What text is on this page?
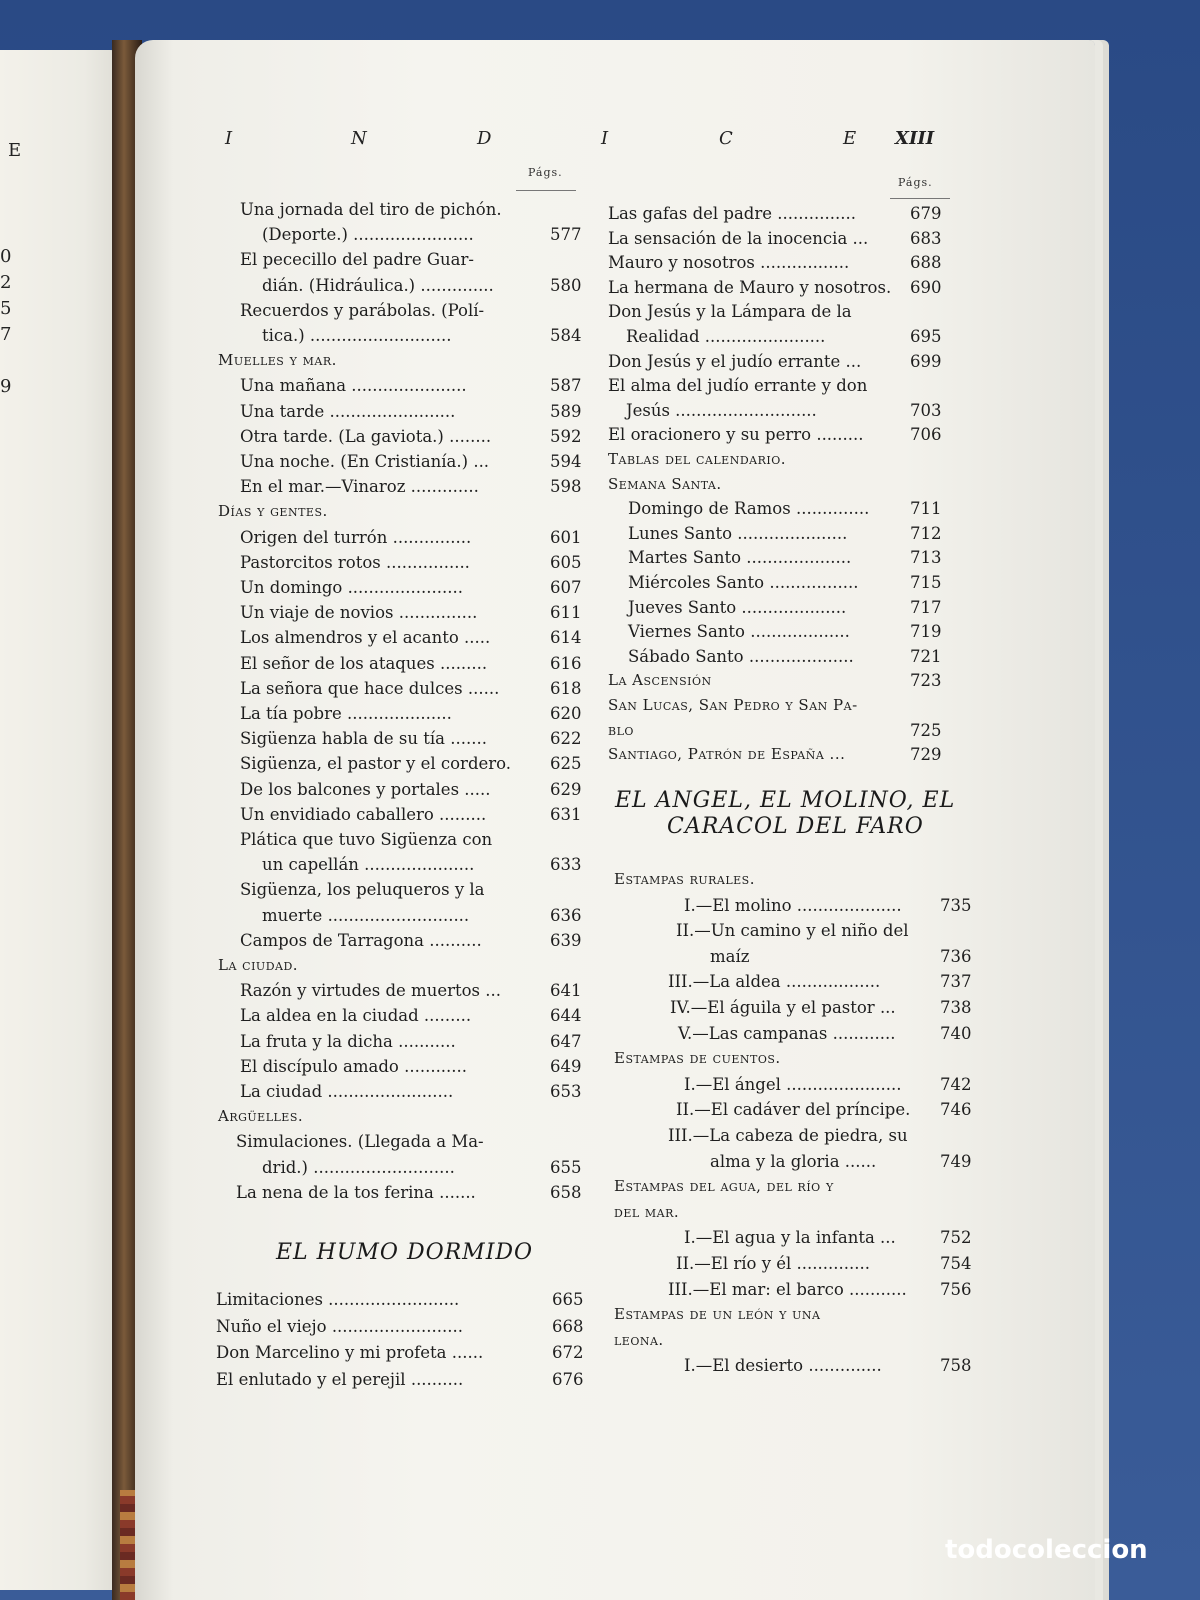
E
0
2
5
7
9
I	N	D	I	C	E XIII
Págs.
Págs.
Una jornada del tiro de pichón.
(Deporte.) .......................	577
El pececillo del padre Guar-
dián. (Hidráulica.) ..............	580
Recuerdos y parábolas. (Polí-
tica.) ...........................	584
Muelles y mar.
Una mañana ......................	587
Una tarde ........................	589
Otra tarde. (La gaviota.) ........	592
Una noche. (En Cristianía.) ...	594
En el mar.—Vinaroz .............	598
Días y gentes.
Origen del turrón ...............	601
Pastorcitos rotos ................	605
Un domingo ......................	607
Un viaje de novios ...............	611
Los almendros y el acanto .....	614
El señor de los ataques .........	616
La señora que hace dulces ......	618
La tía pobre ....................	620
Sigüenza habla de su tía .......	622
Sigüenza, el pastor y el cordero. 625
De los balcones y portales .....	629
Un envidiado caballero .........	631
Plática que tuvo Sigüenza con
un capellán .....................	633
Sigüenza, los peluqueros y la
muerte ...........................	636
Campos de Tarragona ..........	639
La ciudad.
Razón y virtudes de muertos ...	641
La aldea en la ciudad .........	644
La fruta y la dicha ...........	647
El discípulo amado ............	649
La ciudad ........................	653
Argüelles.
Simulaciones. (Llegada a Ma-
drid.) ...........................	655
La nena de la tos ferina .......	658
EL HUMO DORMIDO
Limitaciones .........................	665
Nuño el viejo .........................	668
Don Marcelino y mi profeta ......	672
El enlutado y el perejil ..........	676
Las gafas del padre ...............	679
La sensación de la inocencia ...	683
Mauro y nosotros .................	688
La hermana de Mauro y nosotros. 690
Don Jesús y la Lámpara de la
Realidad .......................	695
Don Jesús y el judío errante ...	699
El alma del judío errante y don
Jesús ...........................	703
El oracionero y su perro .........	706
Tablas del calendario.
Semana Santa.
Domingo de Ramos .............. 711
Lunes Santo .....................	712
Martes Santo ....................	713
Miércoles Santo .................	715
Jueves Santo ....................	717
Viernes Santo ...................	719
Sábado Santo ....................	721
La Ascensión	723
San Lucas, San Pedro y San Pa-
blo	725
Santiago, Patrón de España ...	729
EL ANGEL, EL MOLINO, EL
CARACOL DEL FARO
Estampas rurales.
I.—El molino .................... 735
II.—Un camino y el niño del
maíz	736
III.—La aldea ..................	737
IV.—El águila y el pastor ...	738
V.—Las campanas ............	740
Estampas de cuentos.
I.—El ángel ...................... 742
II.—El cadáver del príncipe. 746
III.—La cabeza de piedra, su
alma y la gloria ......	749
Estampas del agua, del río y
del mar.
I.—El agua y la infanta ...	752
II.—El río y él ..............	754
III.—El mar: el barco ........... 756
Estampas de un león y una
leona.
I.—El desierto ..............	758
todocoleccion
